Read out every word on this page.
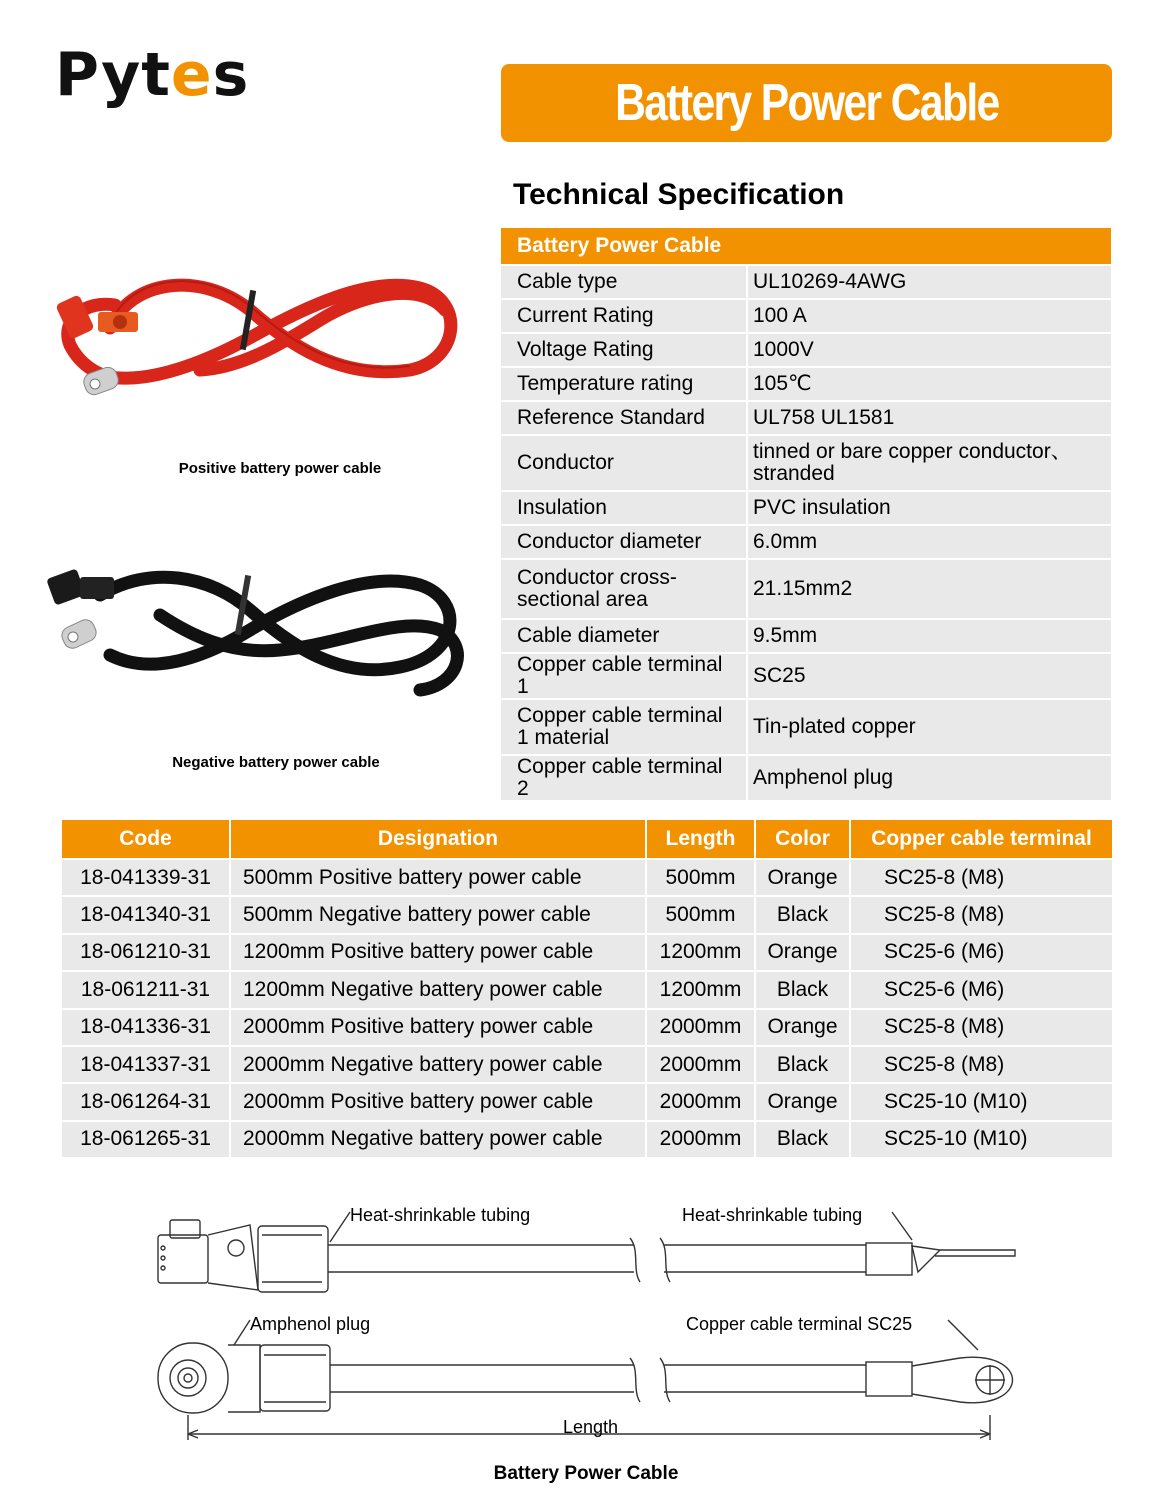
Pytes	Battery Power Cable
Technical Specification
Battery Power Cable	
Cable type	UL10269-4AWG
Current Rating	100 A
Voltage Rating	1000V
Temperature rating	105℃
Reference Standard	UL758 UL1581
Conductor	tinned or bare copper conductor、stranded
Insulation	PVC insulation
Conductor diameter	6.0mm
Conductor cross-sectional area	21.15mm2
Cable diameter	9.5mm
Copper cable terminal 1	SC25
Copper cable terminal 1 material	Tin-plated copper
Copper cable terminal 2	Amphenol plug
Positive battery power cable
Negative battery power cable
Code	Designation	Length	Color	Copper cable terminal
18-041339-31	500mm Positive battery power cable	500mm	Orange	SC25-8 (M8)
18-041340-31	500mm Negative battery power cable	500mm	Black	SC25-8 (M8)
18-061210-31	1200mm Positive battery power cable	1200mm	Orange	SC25-6 (M6)
18-061211-31	1200mm Negative battery power cable	1200mm	Black	SC25-6 (M6)
18-041336-31	2000mm Positive battery power cable	2000mm	Orange	SC25-8 (M8)
18-041337-31	2000mm Negative battery power cable	2000mm	Black	SC25-8 (M8)
18-061264-31	2000mm Positive battery power cable	2000mm	Orange	SC25-10 (M10)
18-061265-31	2000mm Negative battery power cable	2000mm	Black	SC25-10 (M10)
Heat-shrinkable tubing	Heat-shrinkable tubing
Amphenol plug	Copper cable terminal SC25
Length
Battery Power Cable
